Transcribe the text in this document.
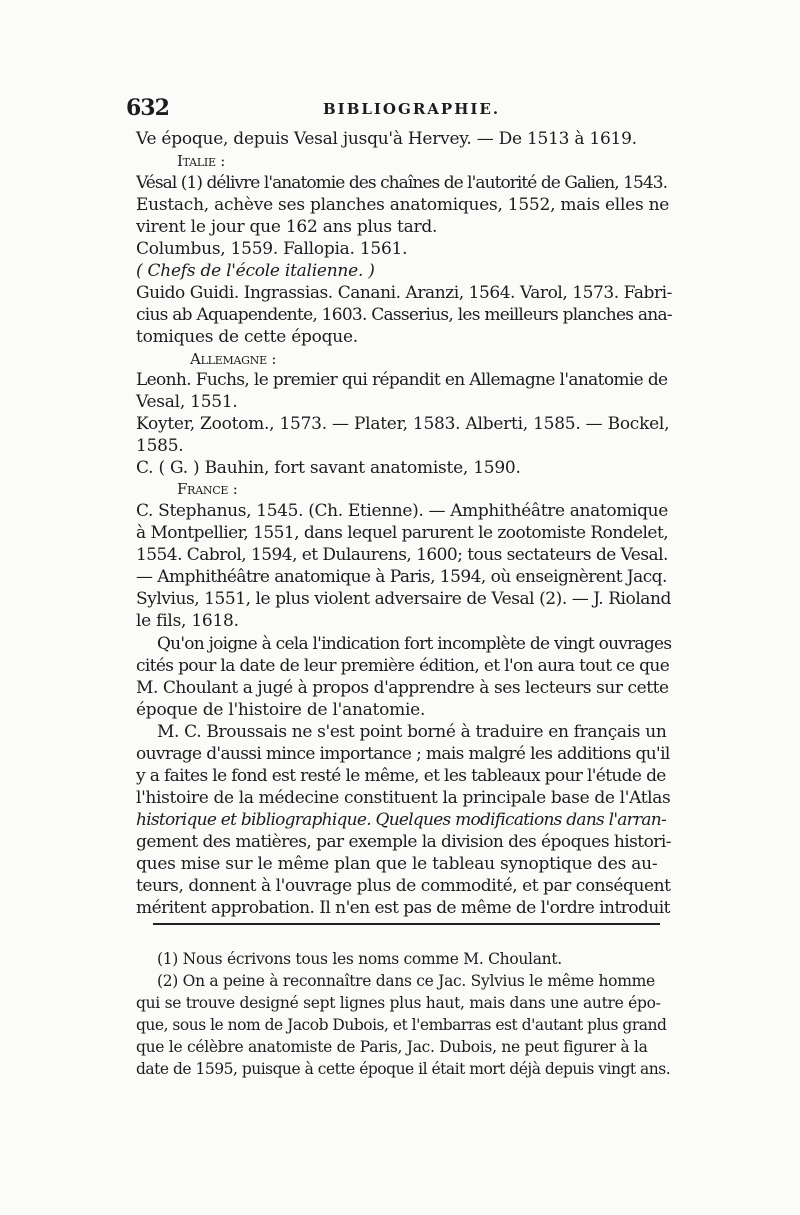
632	BIBLIOGRAPHIE.
Ve époque, depuis Vesal jusqu'à Hervey. — De 1513 à 1619.
Italie :
Vésal (1) délivre l'anatomie des chaînes de l'autorité de Galien, 1543.
Eustach, achève ses planches anatomiques, 1552, mais elles ne
virent le jour que 162 ans plus tard.
Columbus, 1559. Fallopia. 1561.
( Chefs de l'école italienne. )
Guido Guidi. Ingrassias. Canani. Aranzi, 1564. Varol, 1573. Fabri-
cius ab Aquapendente, 1603. Casserius, les meilleurs planches ana-
tomiques de cette époque.
Allemagne :
Leonh. Fuchs, le premier qui répandit en Allemagne l'anatomie de
Vesal, 1551.
Koyter, Zootom., 1573. — Plater, 1583. Alberti, 1585. — Bockel,
1585.
C. ( G. ) Bauhin, fort savant anatomiste, 1590.
France :
C. Stephanus, 1545. (Ch. Etienne). — Amphithéâtre anatomique
à Montpellier, 1551, dans lequel parurent le zootomiste Rondelet,
1554. Cabrol, 1594, et Dulaurens, 1600; tous sectateurs de Vesal.
— Amphithéâtre anatomique à Paris, 1594, où enseignèrent Jacq.
Sylvius, 1551, le plus violent adversaire de Vesal (2). — J. Rioland
le fils, 1618.
Qu'on joigne à cela l'indication fort incomplète de vingt ouvrages
cités pour la date de leur première édition, et l'on aura tout ce que
M. Choulant a jugé à propos d'apprendre à ses lecteurs sur cette
époque de l'histoire de l'anatomie.
M. C. Broussais ne s'est point borné à traduire en français un
ouvrage d'aussi mince importance ; mais malgré les additions qu'il
y a faites le fond est resté le même, et les tableaux pour l'étude de
l'histoire de la médecine constituent la principale base de l'Atlas
historique et bibliographique. Quelques modifications dans l'arran-
gement des matières, par exemple la division des époques histori-
ques mise sur le même plan que le tableau synoptique des au-
teurs, donnent à l'ouvrage plus de commodité, et par conséquent
méritent approbation. Il n'en est pas de même de l'ordre introduit
(1) Nous écrivons tous les noms comme M. Choulant.
(2) On a peine à reconnaître dans ce Jac. Sylvius le même homme
qui se trouve designé sept lignes plus haut, mais dans une autre épo-
que, sous le nom de Jacob Dubois, et l'embarras est d'autant plus grand
que le célèbre anatomiste de Paris, Jac. Dubois, ne peut figurer à la
date de 1595, puisque à cette époque il était mort déjà depuis vingt ans.
